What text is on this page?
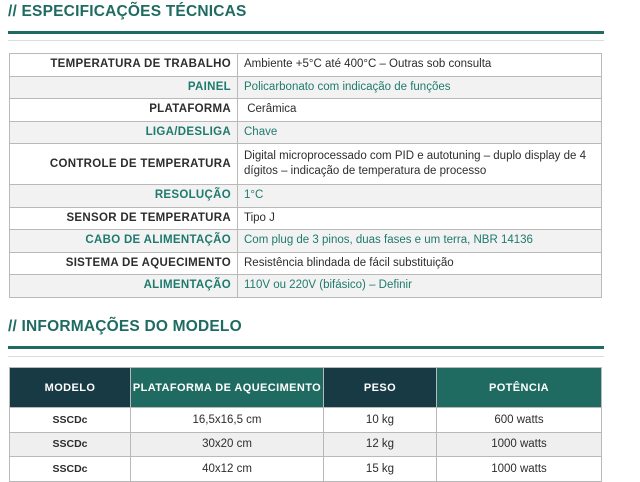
// ESPECIFICAÇÕES TÉCNICAS
TEMPERATURA DE TRABALHO	Ambiente +5°C até 400°C – Outras sob consulta
PAINEL	Policarbonato com indicação de funções
PLATAFORMA	Cerâmica
LIGA/DESLIGA	Chave
CONTROLE DE TEMPERATURA	Digital microprocessado com PID e autotuning – duplo display de 4 dígitos – indicação de temperatura de processo
RESOLUÇÃO	1°C
SENSOR DE TEMPERATURA	Tipo J
CABO DE ALIMENTAÇÃO	Com plug de 3 pinos, duas fases e um terra, NBR 14136
SISTEMA DE AQUECIMENTO	Resistência blindada de fácil substituição
ALIMENTAÇÃO	110V ou 220V (bifásico) – Definir
// INFORMAÇÕES DO MODELO
MODELO	PLATAFORMA DE AQUECIMENTO	PESO	POTÊNCIA
SSCDc	16,5x16,5 cm	10 kg	600 watts
SSCDc	30x20 cm	12 kg	1000 watts
SSCDc	40x12 cm	15 kg	1000 watts
